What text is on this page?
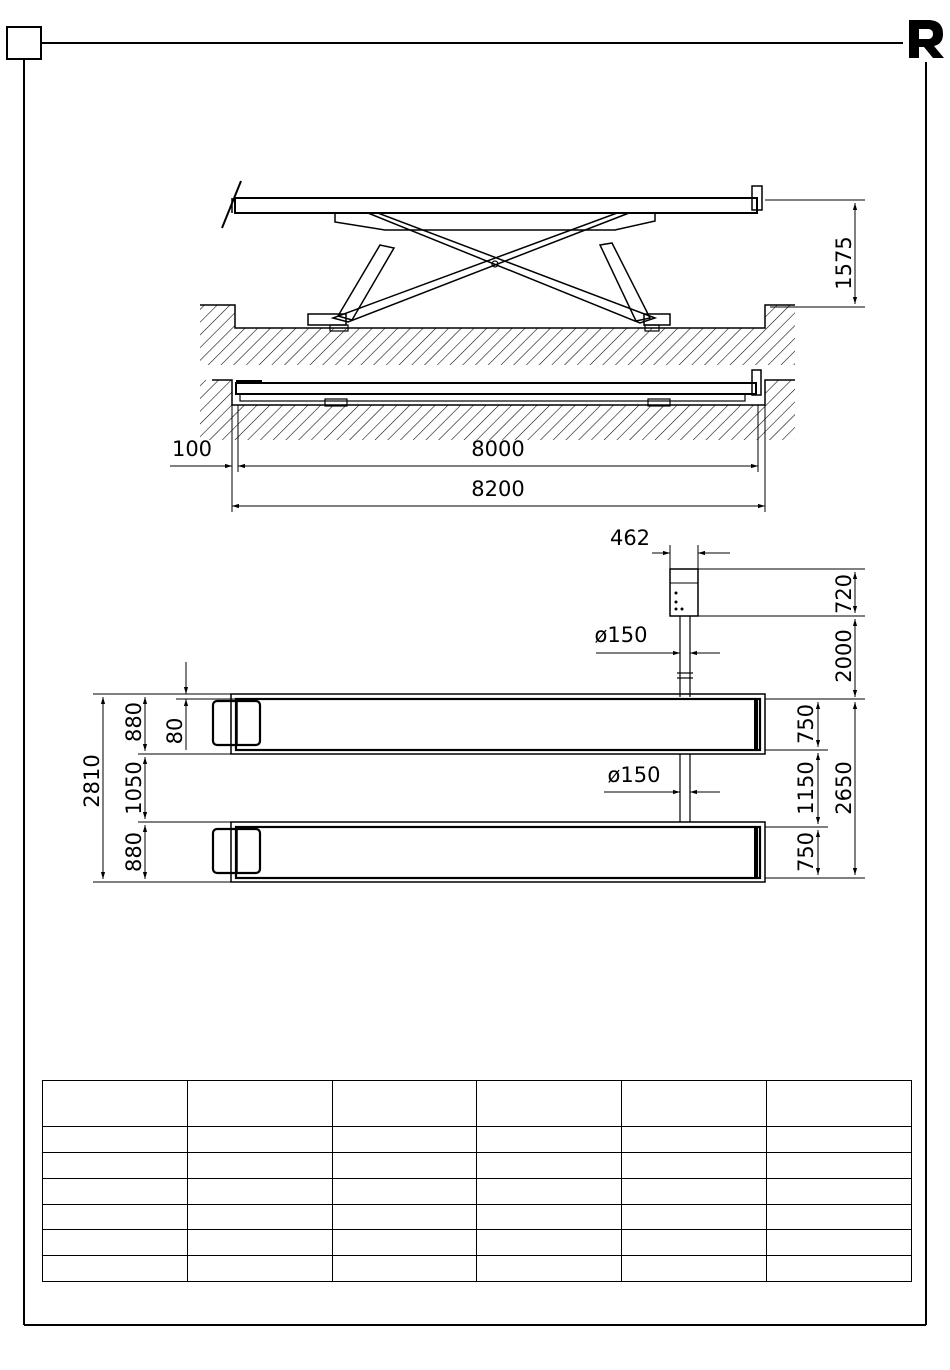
1575
100	8000
8200
462
720
2000
ø150
ø150
2810
880
1050
880
80	750
1150
750
2650
